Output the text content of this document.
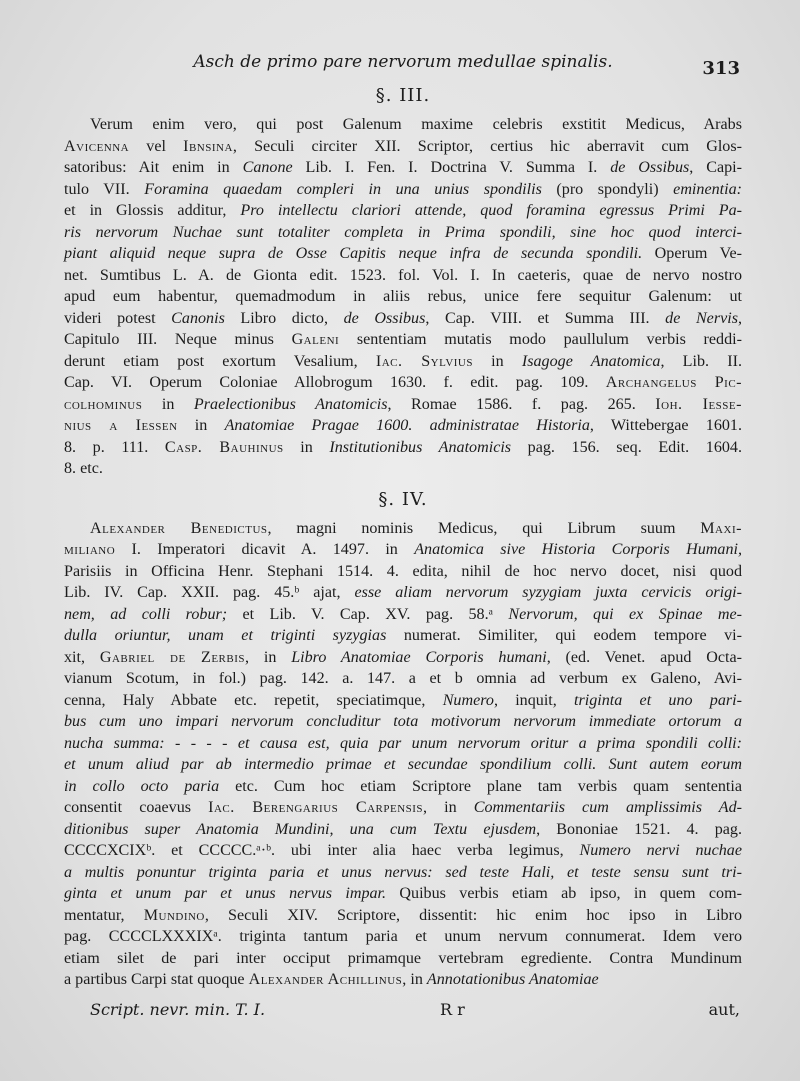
Asch de primo pare nervorum medullae spinalis.	313
§. III.

Verum enim vero, qui post Galenum maxime celebris exstitit Medicus, Arabs
Avicenna vel Ibnsina, Seculi circiter XII. Scriptor, certius hic aberravit cum Glos-
satoribus: Ait enim in Canone Lib. I. Fen. I. Doctrina V. Summa I. de Ossibus, Capi-
tulo VII. Foramina quaedam compleri in una unius spondilis (pro spondyli) eminentia:
et in Glossis additur, Pro intellectu clariori attende, quod foramina egressus Primi Pa-
ris nervorum Nuchae sunt totaliter completa in Prima spondili, sine hoc quod interci-
piant aliquid neque supra de Osse Capitis neque infra de secunda spondili. Operum Ve-
net. Sumtibus L. A. de Gionta edit. 1523. fol. Vol. I. In caeteris, quae de nervo nostro
apud eum habentur, quemadmodum in aliis rebus, unice fere sequitur Galenum: ut
videri potest Canonis Libro dicto, de Ossibus, Cap. VIII. et Summa III. de Nervis,
Capitulo III. Neque minus Galeni sententiam mutatis modo paullulum verbis reddi-
derunt etiam post exortum Vesalium, Iac. Sylvius in Isagoge Anatomica, Lib. II.
Cap. VI. Operum Coloniae Allobrogum 1630. f. edit. pag. 109. Archangelus Pic-
colhominus in Praelectionibus Anatomicis, Romae 1586. f. pag. 265. Ioh. Iesse-
nius a Iessen in Anatomiae Pragae 1600. administratae Historia, Wittebergae 1601.
8. p. 111. Casp. Bauhinus in Institutionibus Anatomicis pag. 156. seq. Edit. 1604.
8. etc.

§. IV.

Alexander Benedictus, magni nominis Medicus, qui Librum suum Maxi-
miliano I. Imperatori dicavit A. 1497. in Anatomica sive Historia Corporis Humani,
Parisiis in Officina Henr. Stephani 1514. 4. edita, nihil de hoc nervo docet, nisi quod
Lib. IV. Cap. XXII. pag. 45.ᵇ ajat, esse aliam nervorum syzygiam juxta cervicis origi-
nem, ad colli robur; et Lib. V. Cap. XV. pag. 58.ᵃ Nervorum, qui ex Spinae me-
dulla oriuntur, unam et triginti syzygias numerat. Similiter, qui eodem tempore vi-
xit, Gabriel de Zerbis, in Libro Anatomiae Corporis humani, (ed. Venet. apud Octa-
vianum Scotum, in fol.) pag. 142. a. 147. a et b omnia ad verbum ex Galeno, Avi-
cenna, Haly Abbate etc. repetit, speciatimque, Numero, inquit, triginta et uno pari-
bus cum uno impari nervorum concluditur tota motivorum nervorum immediate ortorum a
nucha summa: - - - - et causa est, quia par unum nervorum oritur a prima spondili colli:
et unum aliud par ab intermedio primae et secundae spondilium colli. Sunt autem eorum
in collo octo paria etc. Cum hoc etiam Scriptore plane tam verbis quam sententia
consentit coaevus Iac. Berengarius Carpensis, in Commentariis cum amplissimis Ad-
ditionibus super Anatomia Mundini, una cum Textu ejusdem, Bononiae 1521. 4. pag.
CCCCXCIXᵇ. et CCCCC.ᵃ·ᵇ. ubi inter alia haec verba legimus, Numero nervi nuchae
a multis ponuntur triginta paria et unus nervus: sed teste Hali, et teste sensu sunt tri-
ginta et unum par et unus nervus impar. Quibus verbis etiam ab ipso, in quem com-
mentatur, Mundino, Seculi XIV. Scriptore, dissentit: hic enim hoc ipso in Libro
pag. CCCCLXXXIXᵃ. triginta tantum paria et unum nervum connumerat. Idem vero
etiam silet de pari inter occiput primamque vertebram egrediente. Contra Mundinum
a partibus Carpi stat quoque Alexander Achillinus, in Annotationibus Anatomiae

Script. nevr. min. T. I.	R r	aut,
